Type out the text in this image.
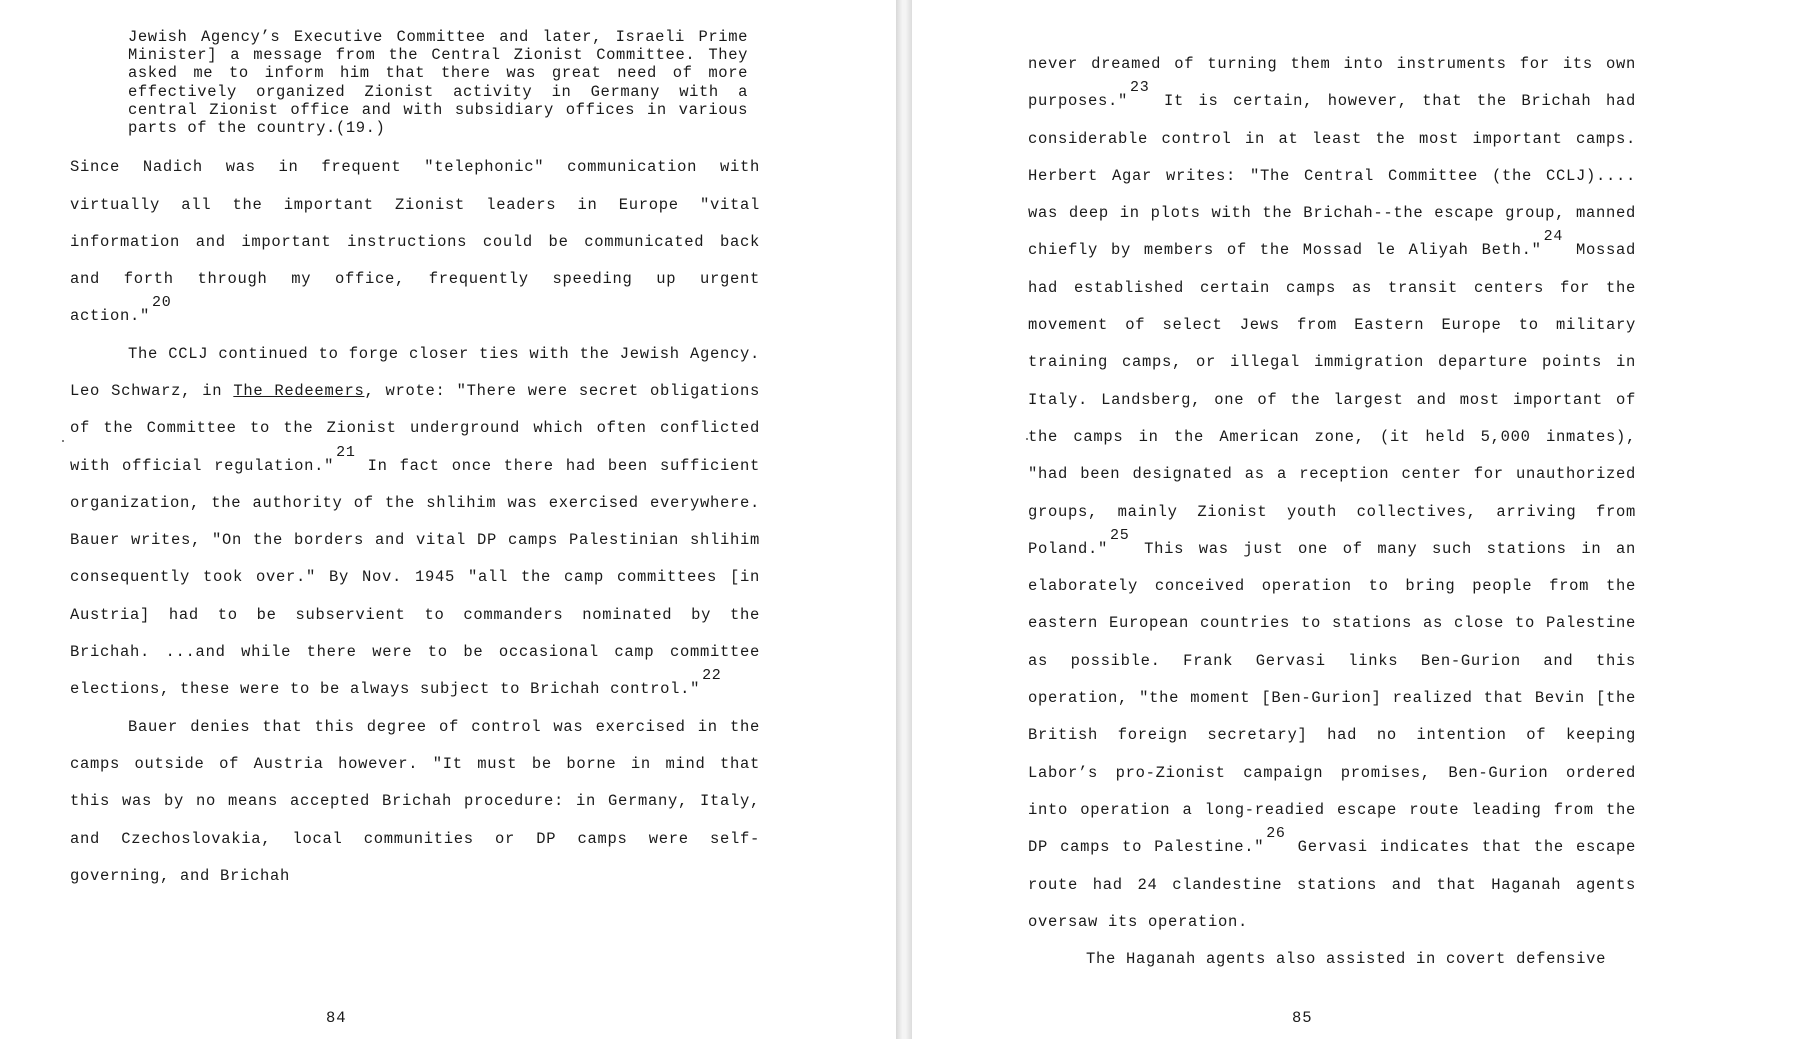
Jewish Agency’s Executive Committee and later, Israeli Prime Minister] a message from the Central Zionist Committee. They asked me to inform him that there was great need of more effectively organized Zionist activity in Germany with a central Zionist office and with subsidiary offices in various parts of the country.(19.)

Since Nadich was in frequent "telephonic" communication with virtually all the important Zionist leaders in Europe "vital information and important instructions could be communicated back and forth through my office, frequently speeding up urgent action."20

The CCLJ continued to forge closer ties with the Jewish Agency. Leo Schwarz, in The Redeemers, wrote: "There were secret obligations of the Committee to the Zionist underground which often conflicted with official regulation."21 In fact once there had been sufficient organization, the authority of the shlihim was exercised everywhere. Bauer writes, "On the borders and vital DP camps Palestinian shlihim consequently took over." By Nov. 1945 "all the camp committees [in Austria] had to be subservient to commanders nominated by the Brichah. ...and while there were to be occasional camp committee elections, these were to be always subject to Brichah control."22

Bauer denies that this degree of control was exercised in the camps outside of Austria however. "It must be borne in mind that this was by no means accepted Brichah procedure: in Germany, Italy, and Czechoslovakia, local communities or DP camps were self-governing, and Brichah

84

never dreamed of turning them into instruments for its own purposes."23 It is certain, however, that the Brichah had considerable control in at least the most important camps. Herbert Agar writes: "The Central Committee (the CCLJ).... was deep in plots with the Brichah--the escape group, manned chiefly by members of the Mossad le Aliyah Beth."24 Mossad had established certain camps as transit centers for the movement of select Jews from Eastern Europe to military training camps, or illegal immigration departure points in Italy. Landsberg, one of the largest and most important of the camps in the American zone, (it held 5,000 inmates), "had been designated as a reception center for unauthorized groups, mainly Zionist youth collectives, arriving from Poland."25 This was just one of many such stations in an elaborately conceived operation to bring people from the eastern European countries to stations as close to Palestine as possible. Frank Gervasi links Ben-Gurion and this operation, "the moment [Ben-Gurion] realized that Bevin [the British foreign secretary] had no intention of keeping Labor’s pro-Zionist campaign promises, Ben-Gurion ordered into operation a long-readied escape route leading from the DP camps to Palestine."26 Gervasi indicates that the escape route had 24 clandestine stations and that Haganah agents oversaw its operation.

The Haganah agents also assisted in covert defensive

85
